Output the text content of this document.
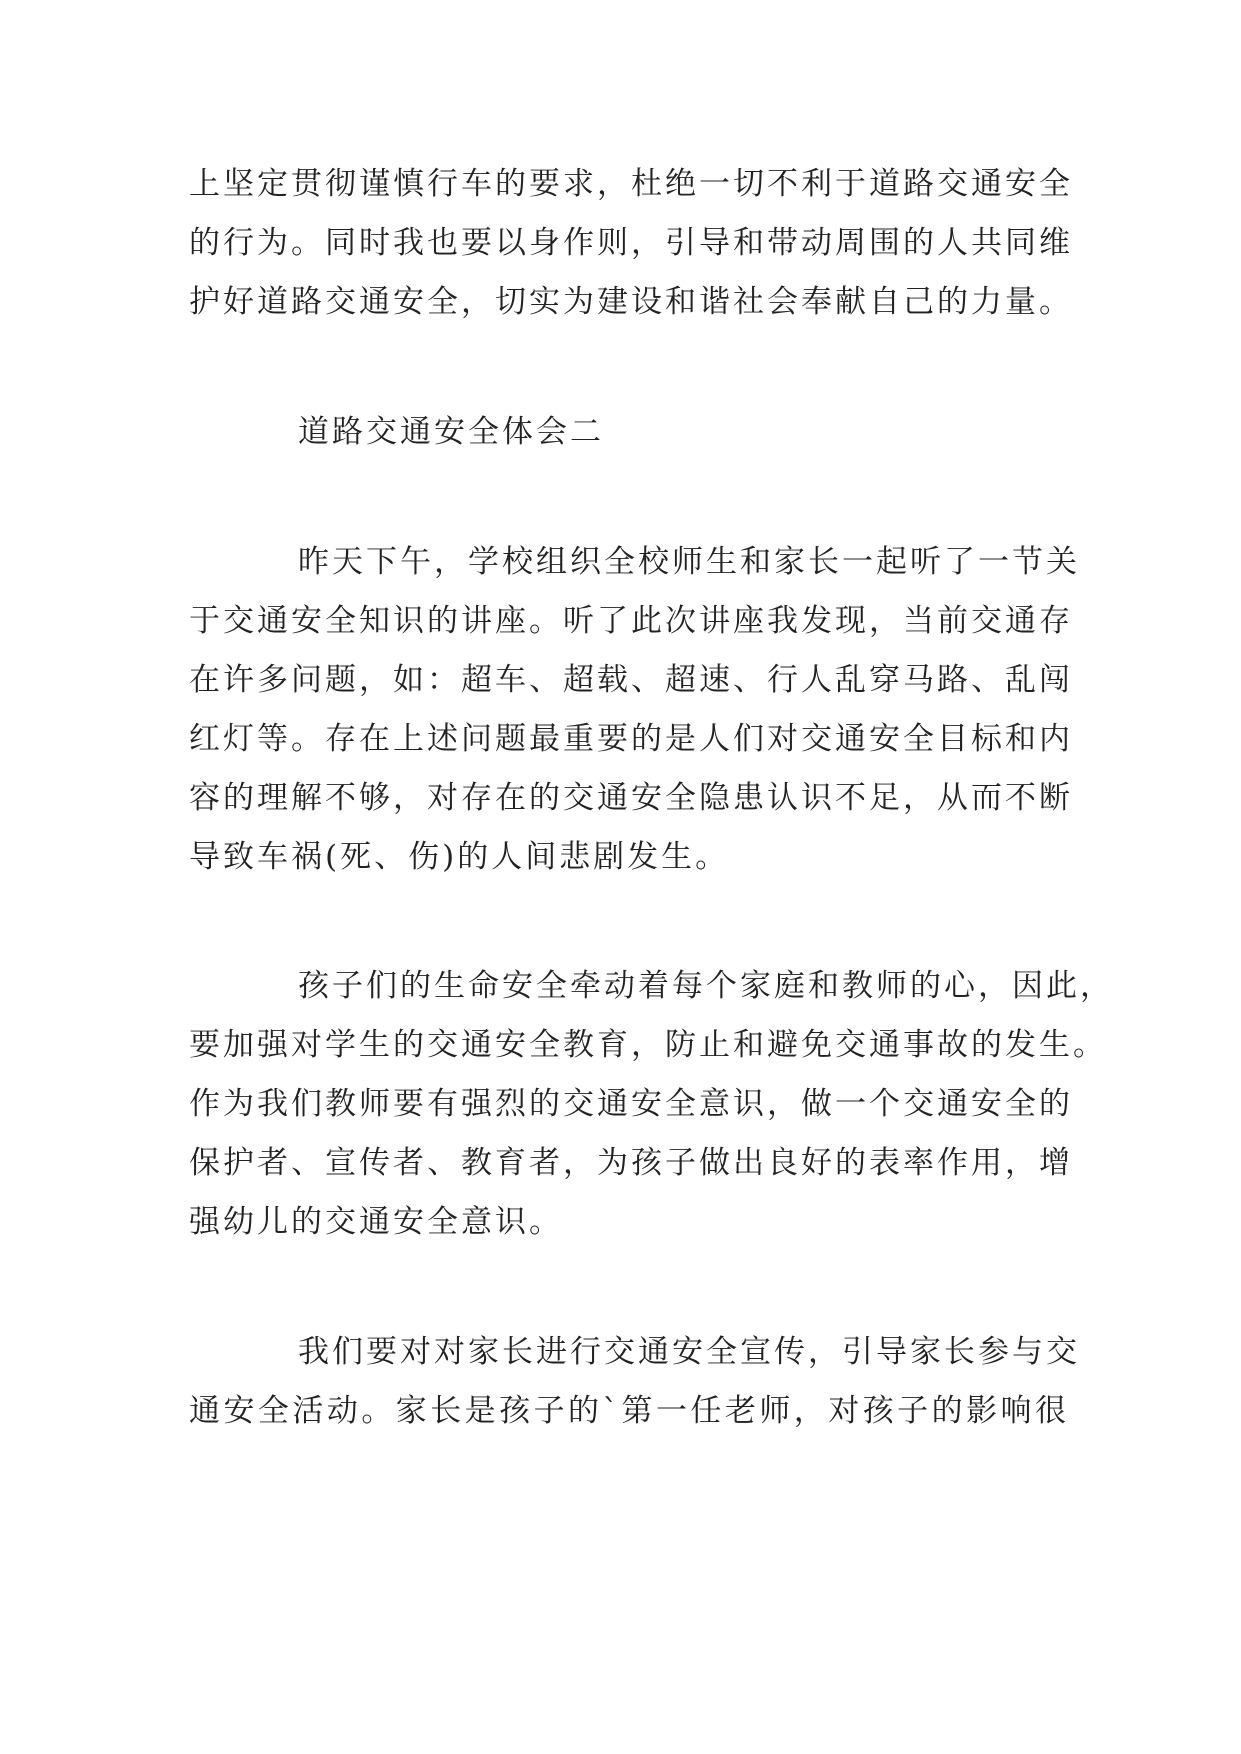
上坚定贯彻谨慎行车的要求，杜绝一切不利于道路交通安全
的行为。同时我也要以身作则，引导和带动周围的人共同维
护好道路交通安全，切实为建设和谐社会奉献自己的力量。
道路交通安全体会二
昨天下午，学校组织全校师生和家长一起听了一节关
于交通安全知识的讲座。听了此次讲座我发现，当前交通存
在许多问题，如：超车、超载、超速、行人乱穿马路、乱闯
红灯等。存在上述问题最重要的是人们对交通安全目标和内
容的理解不够，对存在的交通安全隐患认识不足，从而不断
导致车祸(死、伤)的人间悲剧发生。
孩子们的生命安全牵动着每个家庭和教师的心，因此，
要加强对学生的交通安全教育，防止和避免交通事故的发生。
作为我们教师要有强烈的交通安全意识，做一个交通安全的
保护者、宣传者、教育者，为孩子做出良好的表率作用，增
强幼儿的交通安全意识。
我们要对对家长进行交通安全宣传，引导家长参与交
通安全活动。家长是孩子的`第一任老师，对孩子的影响很
